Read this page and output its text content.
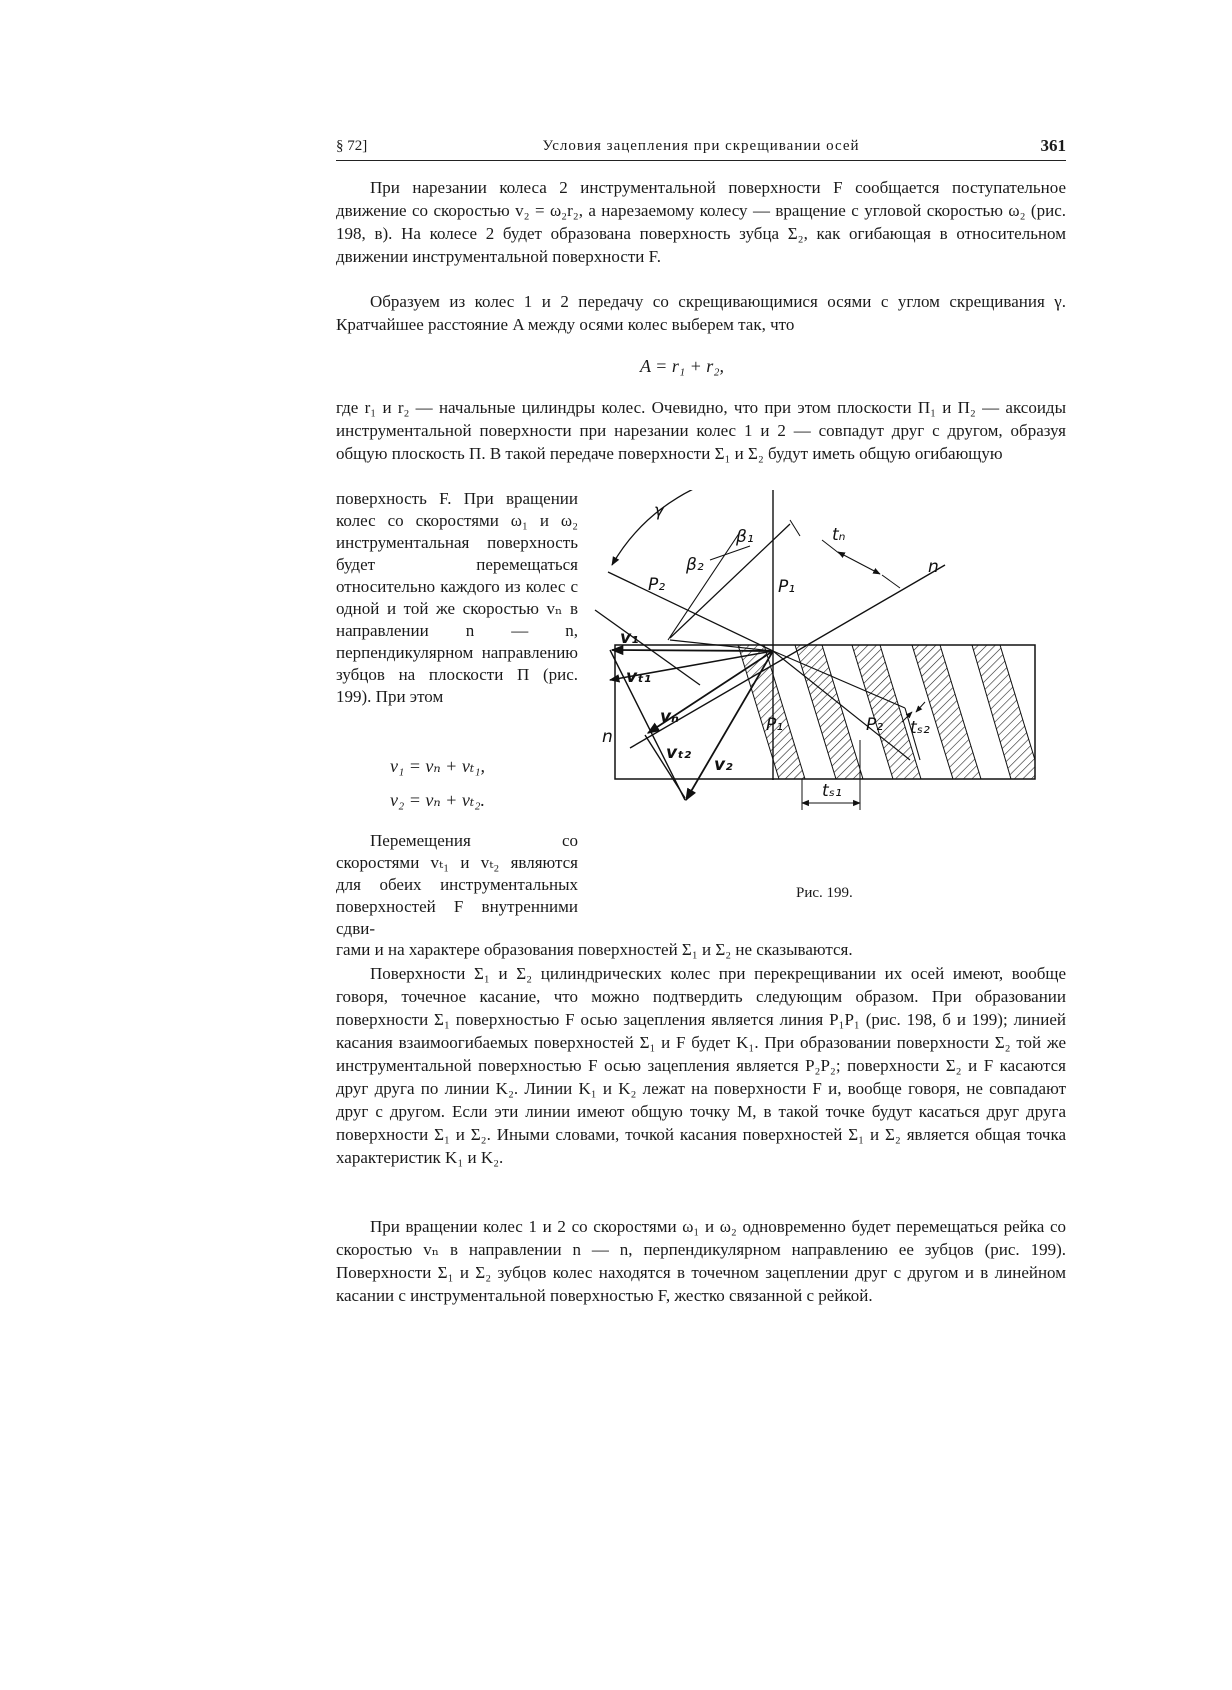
§ 72]	Условия зацепления при скрещивании осей	361

При нарезании колеса 2 инструментальной поверхности F сообщается поступательное движение со скоростью v₂ = ω₂r₂, а нарезаемому колесу — вращение с угловой скоростью ω₂ (рис. 198, в). На колесе 2 будет образована поверхность зубца Σ₂, как огибающая в относительном движении инструментальной поверхности F.

Образуем из колес 1 и 2 передачу со скрещивающимися осями с углом скрещивания γ. Кратчайшее расстояние A между осями колес выберем так, что

A = r₁ + r₂,

где r₁ и r₂ — начальные цилиндры колес. Очевидно, что при этом плоскости Π₁ и Π₂ — аксоиды инструментальной поверхности при нарезании колес 1 и 2 — совпадут друг с другом, образуя общую плоскость Π. В такой передаче поверхности Σ₁ и Σ₂ будут иметь общую огибающую

поверхность F. При вращении колес со скоростями ω₁ и ω₂ инструментальная поверхность будет перемещаться относительно каждого из колес с одной и той же скоростью vₙ в направлении n — n, перпендикулярном направлению зубцов на плоскости Π (рис. 199). При этом

v₁ = vₙ + vₜ₁,
v₂ = vₙ + vₜ₂.

Перемещения со скоростями vₜ₁ и vₜ₂ являются для обеих инструментальных поверхностей F внутренними сдви-

γ
β₂
β₁
P₂	P₁
tₙ
n
v₁
vₜ₁
vₙ
n
vₜ₂
v₂
P₁	P₂ tₛ₂
tₛ₁
Рис. 199.

гами и на характере образования поверхностей Σ₁ и Σ₂ не сказываются.

Поверхности Σ₁ и Σ₂ цилиндрических колес при перекрещивании их осей имеют, вообще говоря, точечное касание, что можно подтвердить следующим образом. При образовании поверхности Σ₁ поверхностью F осью зацепления является линия P₁P₁ (рис. 198, б и 199); линией касания взаимоогибаемых поверхностей Σ₁ и F будет K₁. При образовании поверхности Σ₂ той же инструментальной поверхностью F осью зацепления является P₂P₂; поверхности Σ₂ и F касаются друг друга по линии K₂. Линии K₁ и K₂ лежат на поверхности F и, вообще говоря, не совпадают друг с другом. Если эти линии имеют общую точку M, в такой точке будут касаться друг друга поверхности Σ₁ и Σ₂. Иными словами, точкой касания поверхностей Σ₁ и Σ₂ является общая точка характеристик K₁ и K₂.

При вращении колес 1 и 2 со скоростями ω₁ и ω₂ одновременно будет перемещаться рейка со скоростью vₙ в направлении n — n, перпендикулярном направлению ее зубцов (рис. 199). Поверхности Σ₁ и Σ₂ зубцов колес находятся в точечном зацеплении друг с другом и в линейном касании с инструментальной поверхностью F, жестко связанной с рейкой.
